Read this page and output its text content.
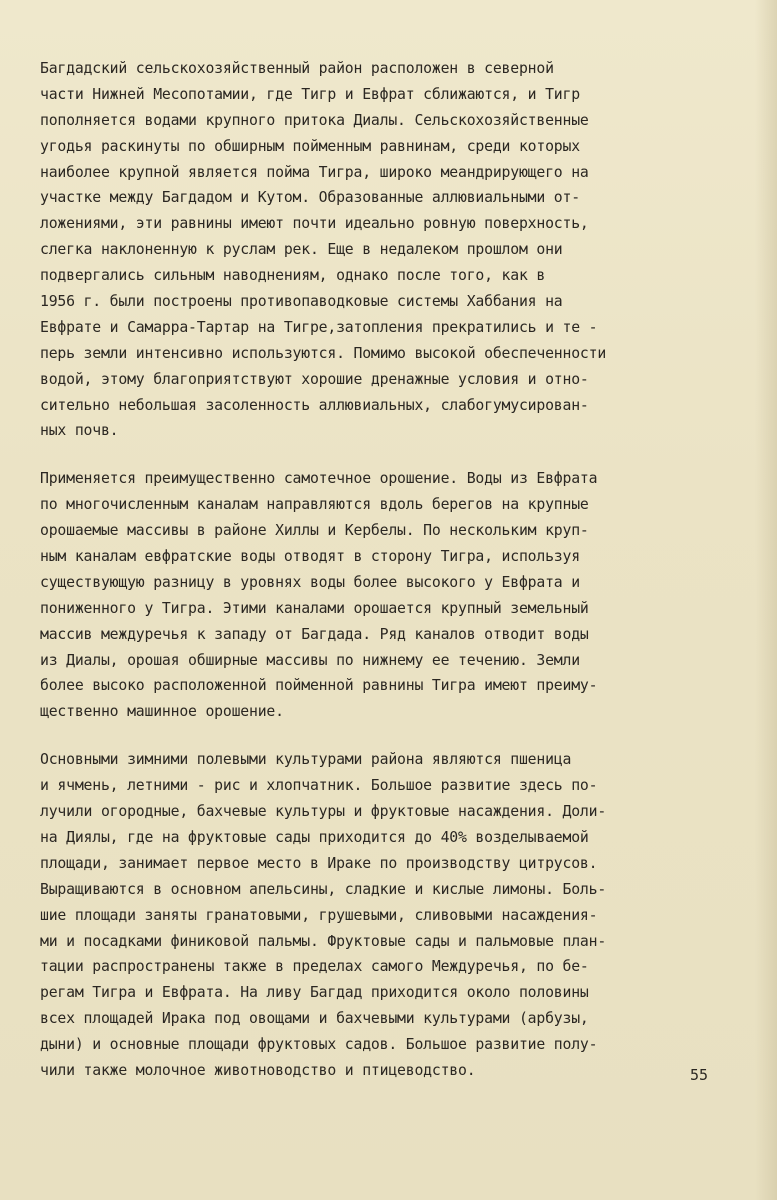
Багдадский сельскохозяйственный район расположен в северной
части Нижней Месопотамии, где Тигр и Евфрат сближаются, и Тигр
пополняется водами крупного притока Диалы. Сельскохозяйственные
угодья раскинуты по обширным пойменным равнинам, среди которых
наиболее крупной является пойма Тигра, широко меандрирующего на
участке между Багдадом и Кутом. Образованные аллювиальными от-
ложениями, эти равнины имеют почти идеально ровную поверхность,
слегка наклоненную к руслам рек. Еще в недалеком прошлом они
подвергались сильным наводнениям, однако после того, как в
1956 г. были построены противопаводковые системы Хаббания на
Евфрате и Самарра-Тартар на Тигре,затопления прекратились и те -
перь земли интенсивно используются. Помимо высокой обеспеченности
водой, этому благоприятствуют хорошие дренажные условия и отно-
сительно небольшая засоленность аллювиальных, слабогумусирован-
ных почв.
Применяется преимущественно самотечное орошение. Воды из Евфрата
по многочисленным каналам направляются вдоль берегов на крупные
орошаемые массивы в районе Хиллы и Кербелы. По нескольким круп-
ным каналам евфратские воды отводят в сторону Тигра, используя
существующую разницу в уровнях воды более высокого у Евфрата и
пониженного у Тигра. Этими каналами орошается крупный земельный
массив междуречья к западу от Багдада. Ряд каналов отводит воды
из Диалы, орошая обширные массивы по нижнему ее течению. Земли
более высоко расположенной пойменной равнины Тигра имеют преиму-
щественно машинное орошение.
Основными зимними полевыми культурами района являются пшеница
и ячмень, летними - рис и хлопчатник. Большое развитие здесь по-
лучили огородные, бахчевые культуры и фруктовые насаждения. Доли-
на Диялы, где на фруктовые сады приходится до 40% возделываемой
площади, занимает первое место в Ираке по производству цитрусов.
Выращиваются в основном апельсины, сладкие и кислые лимоны. Боль-
шие площади заняты гранатовыми, грушевыми, сливовыми насаждения-
ми и посадками финиковой пальмы. Фруктовые сады и пальмовые план-
тации распространены также в пределах самого Междуречья, по бе-
регам Тигра и Евфрата. На ливу Багдад приходится около половины
всех площадей Ирака под овощами и бахчевыми культурами (арбузы,
дыни) и основные площади фруктовых садов. Большое развитие полу-
чили также молочное животноводство и птицеводство.	55
